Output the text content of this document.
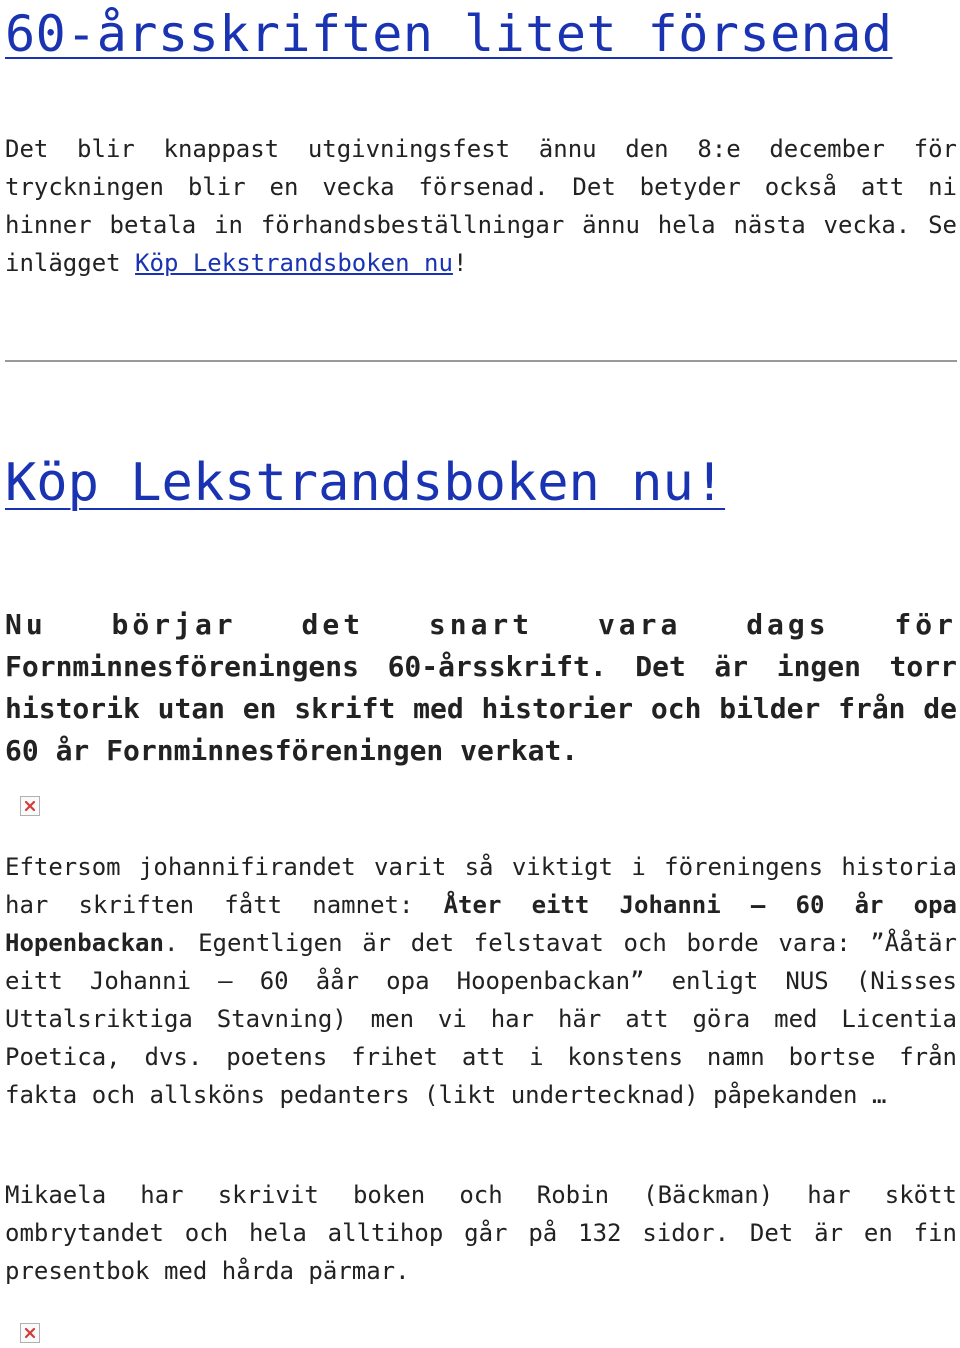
60-årsskriften litet försenad

Det blir knappast utgivningsfest ännu den 8:e december för tryckningen blir en vecka försenad. Det betyder också att ni hinner betala in förhandsbeställningar ännu hela nästa vecka. Se inlägget Köp Lekstrandsboken nu!

Köp Lekstrandsboken nu!

Nu börjar det snart vara dags för Fornminnesföreningens 60-årsskrift. Det är ingen torr historik utan en skrift med historier och bilder från de 60 år Fornminnesföreningen verkat.

Eftersom johannifirandet varit så viktigt i föreningens historia har skriften fått namnet: Åter eitt Johanni – 60 år opa Hopenbackan. Egentligen är det felstavat och borde vara: ”Ååtär eitt Johanni – 60 åår opa Hoopenbackan” enligt NUS (Nisses Uttalsriktiga Stavning) men vi har här att göra med Licentia Poetica, dvs. poetens frihet att i konstens namn bortse från fakta och allsköns pedanters (likt undertecknad) påpekanden …

Mikaela har skrivit boken och Robin (Bäckman) har skött ombrytandet och hela alltihop går på 132 sidor. Det är en fin presentbok med hårda pärmar.
